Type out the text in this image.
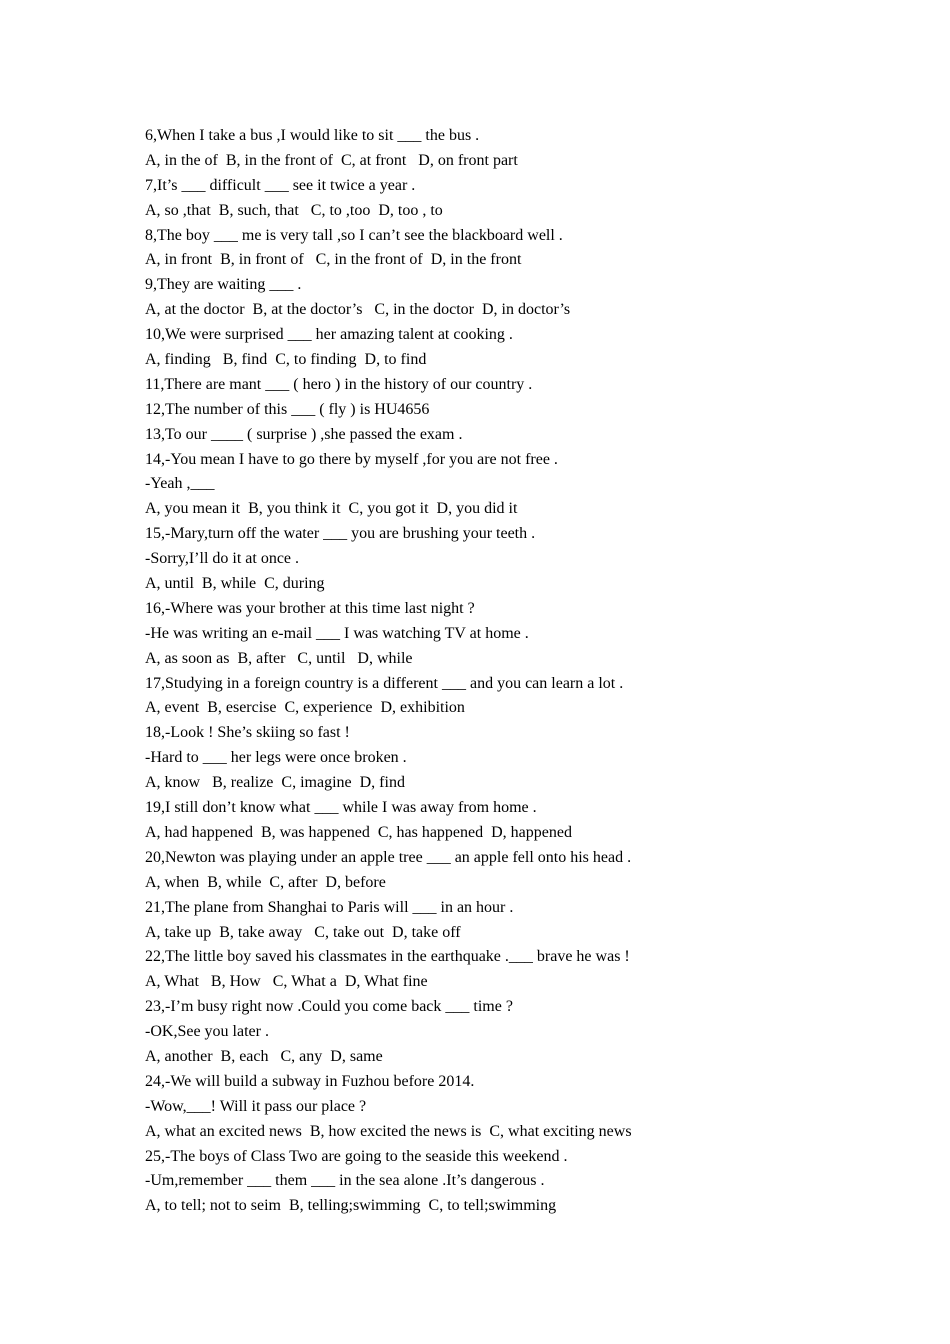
6,When I take a bus ,I would like to sit ___ the bus .
A, in the of  B, in the front of  C, at front   D, on front part
7,It’s ___ difficult ___ see it twice a year .
A, so ,that  B, such, that   C, to ,too  D, too , to
8,The boy ___ me is very tall ,so I can’t see the blackboard well .
A, in front  B, in front of   C, in the front of  D, in the front
9,They are waiting ___ .
A, at the doctor  B, at the doctor’s   C, in the doctor  D, in doctor’s
10,We were surprised ___ her amazing talent at cooking .
A, finding   B, find  C, to finding  D, to find
11,There are mant ___ ( hero ) in the history of our country .
12,The number of this ___ ( fly ) is HU4656
13,To our ____ ( surprise ) ,she passed the exam .
14,-You mean I have to go there by myself ,for you are not free .
-Yeah ,___
A, you mean it  B, you think it  C, you got it  D, you did it
15,-Mary,turn off the water ___ you are brushing your teeth .
-Sorry,I’ll do it at once .
A, until  B, while  C, during
16,-Where was your brother at this time last night ?
-He was writing an e-mail ___ I was watching TV at home .
A, as soon as  B, after   C, until   D, while
17,Studying in a foreign country is a different ___ and you can learn a lot .
A, event  B, esercise  C, experience  D, exhibition
18,-Look ! She’s skiing so fast !
-Hard to ___ her legs were once broken .
A, know   B, realize  C, imagine  D, find
19,I still don’t know what ___ while I was away from home .
A, had happened  B, was happened  C, has happened  D, happened
20,Newton was playing under an apple tree ___ an apple fell onto his head .
A, when  B, while  C, after  D, before
21,The plane from Shanghai to Paris will ___ in an hour .
A, take up  B, take away   C, take out  D, take off
22,The little boy saved his classmates in the earthquake .___ brave he was !
A, What   B, How   C, What a  D, What fine
23,-I’m busy right now .Could you come back ___ time ?
-OK,See you later .
A, another  B, each   C, any  D, same
24,-We will build a subway in Fuzhou before 2014.
-Wow,___! Will it pass our place ?
A, what an excited news  B, how excited the news is  C, what exciting news
25,-The boys of Class Two are going to the seaside this weekend .
-Um,remember ___ them ___ in the sea alone .It’s dangerous .
A, to tell; not to seim  B, telling;swimming  C, to tell;swimming
